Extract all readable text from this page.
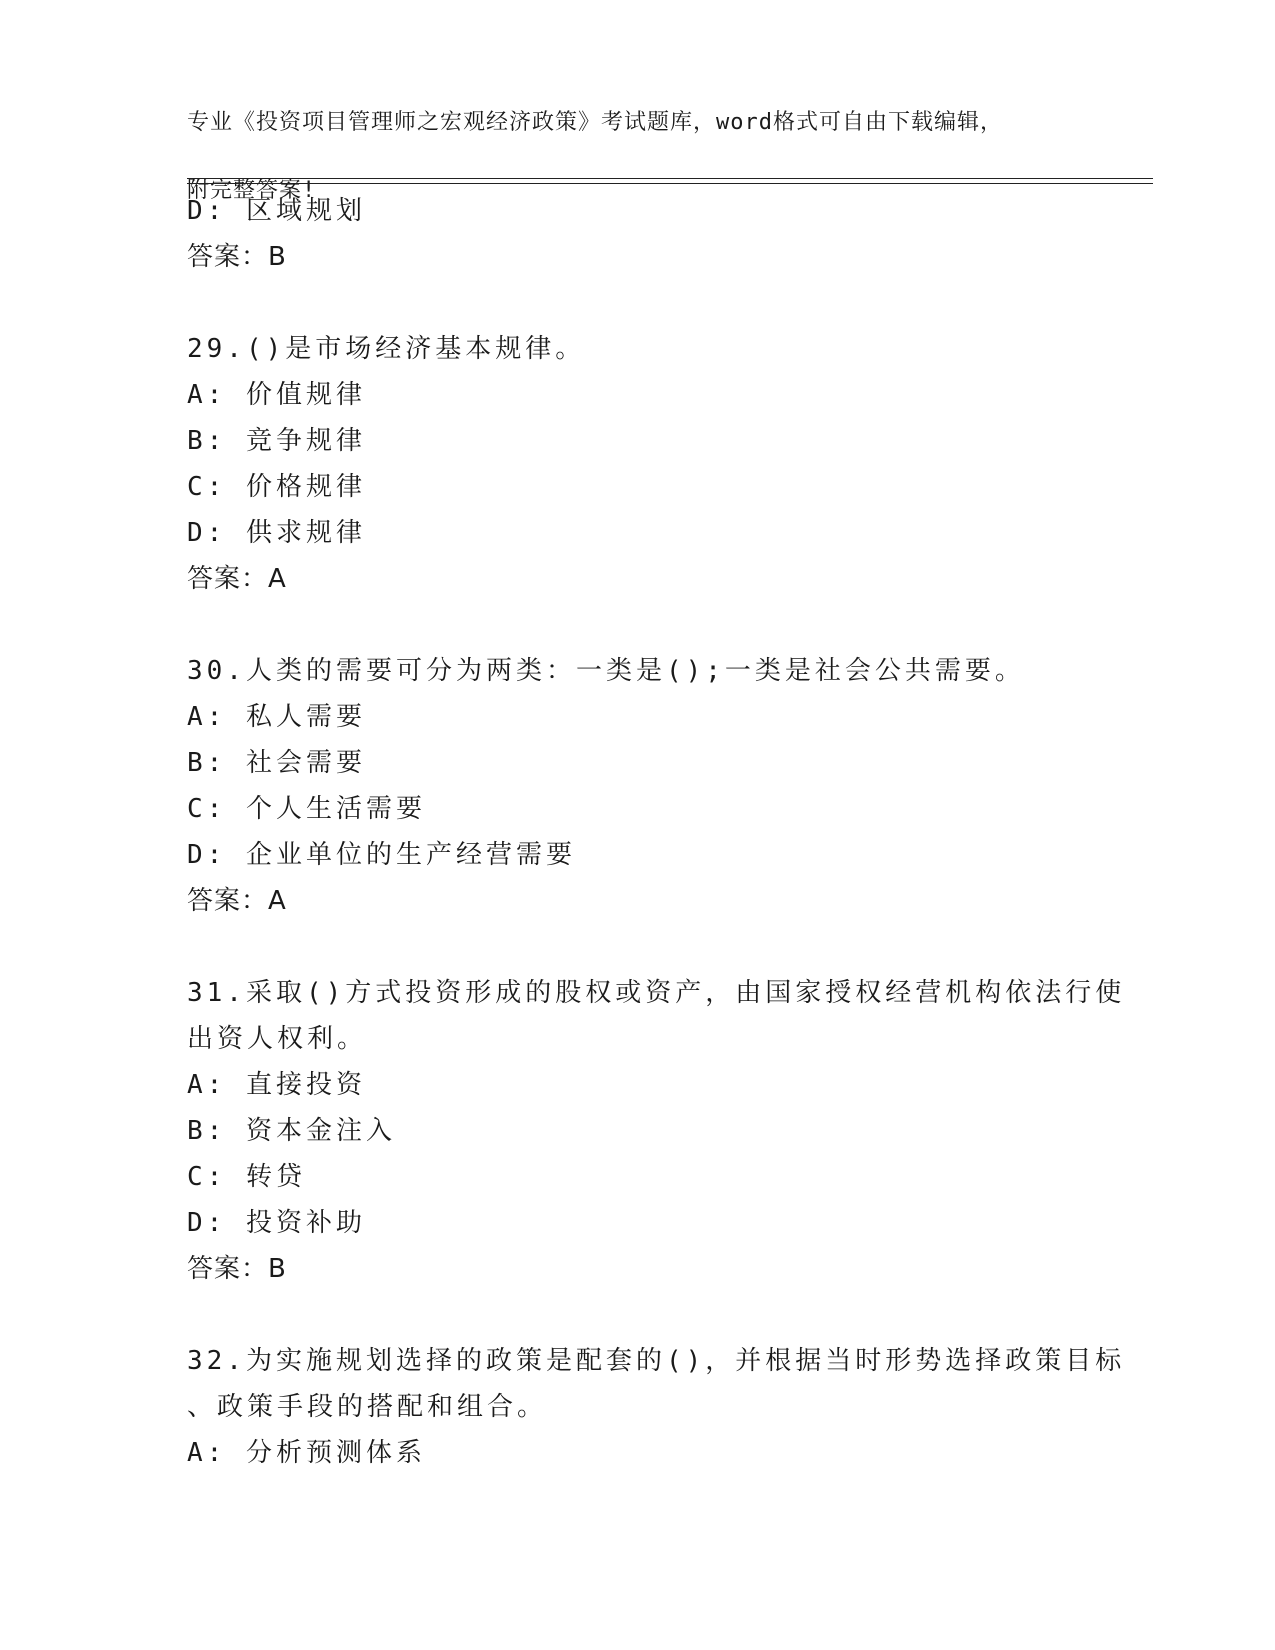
专业《投资项目管理师之宏观经济政策》考试题库，word格式可自由下载编辑，

附完整答案!

D: 区域规划
答案：B
29.()是市场经济基本规律。
A: 价值规律
B: 竞争规律
C: 价格规律
D: 供求规律
答案：A
30.人类的需要可分为两类：一类是();一类是社会公共需要。
A: 私人需要
B: 社会需要
C: 个人生活需要
D: 企业单位的生产经营需要
答案：A
31.采取()方式投资形成的股权或资产，由国家授权经营机构依法行使
出资人权利。
A: 直接投资
B: 资本金注入
C: 转贷
D: 投资补助
答案：B
32.为实施规划选择的政策是配套的()，并根据当时形势选择政策目标
、政策手段的搭配和组合。
A: 分析预测体系
